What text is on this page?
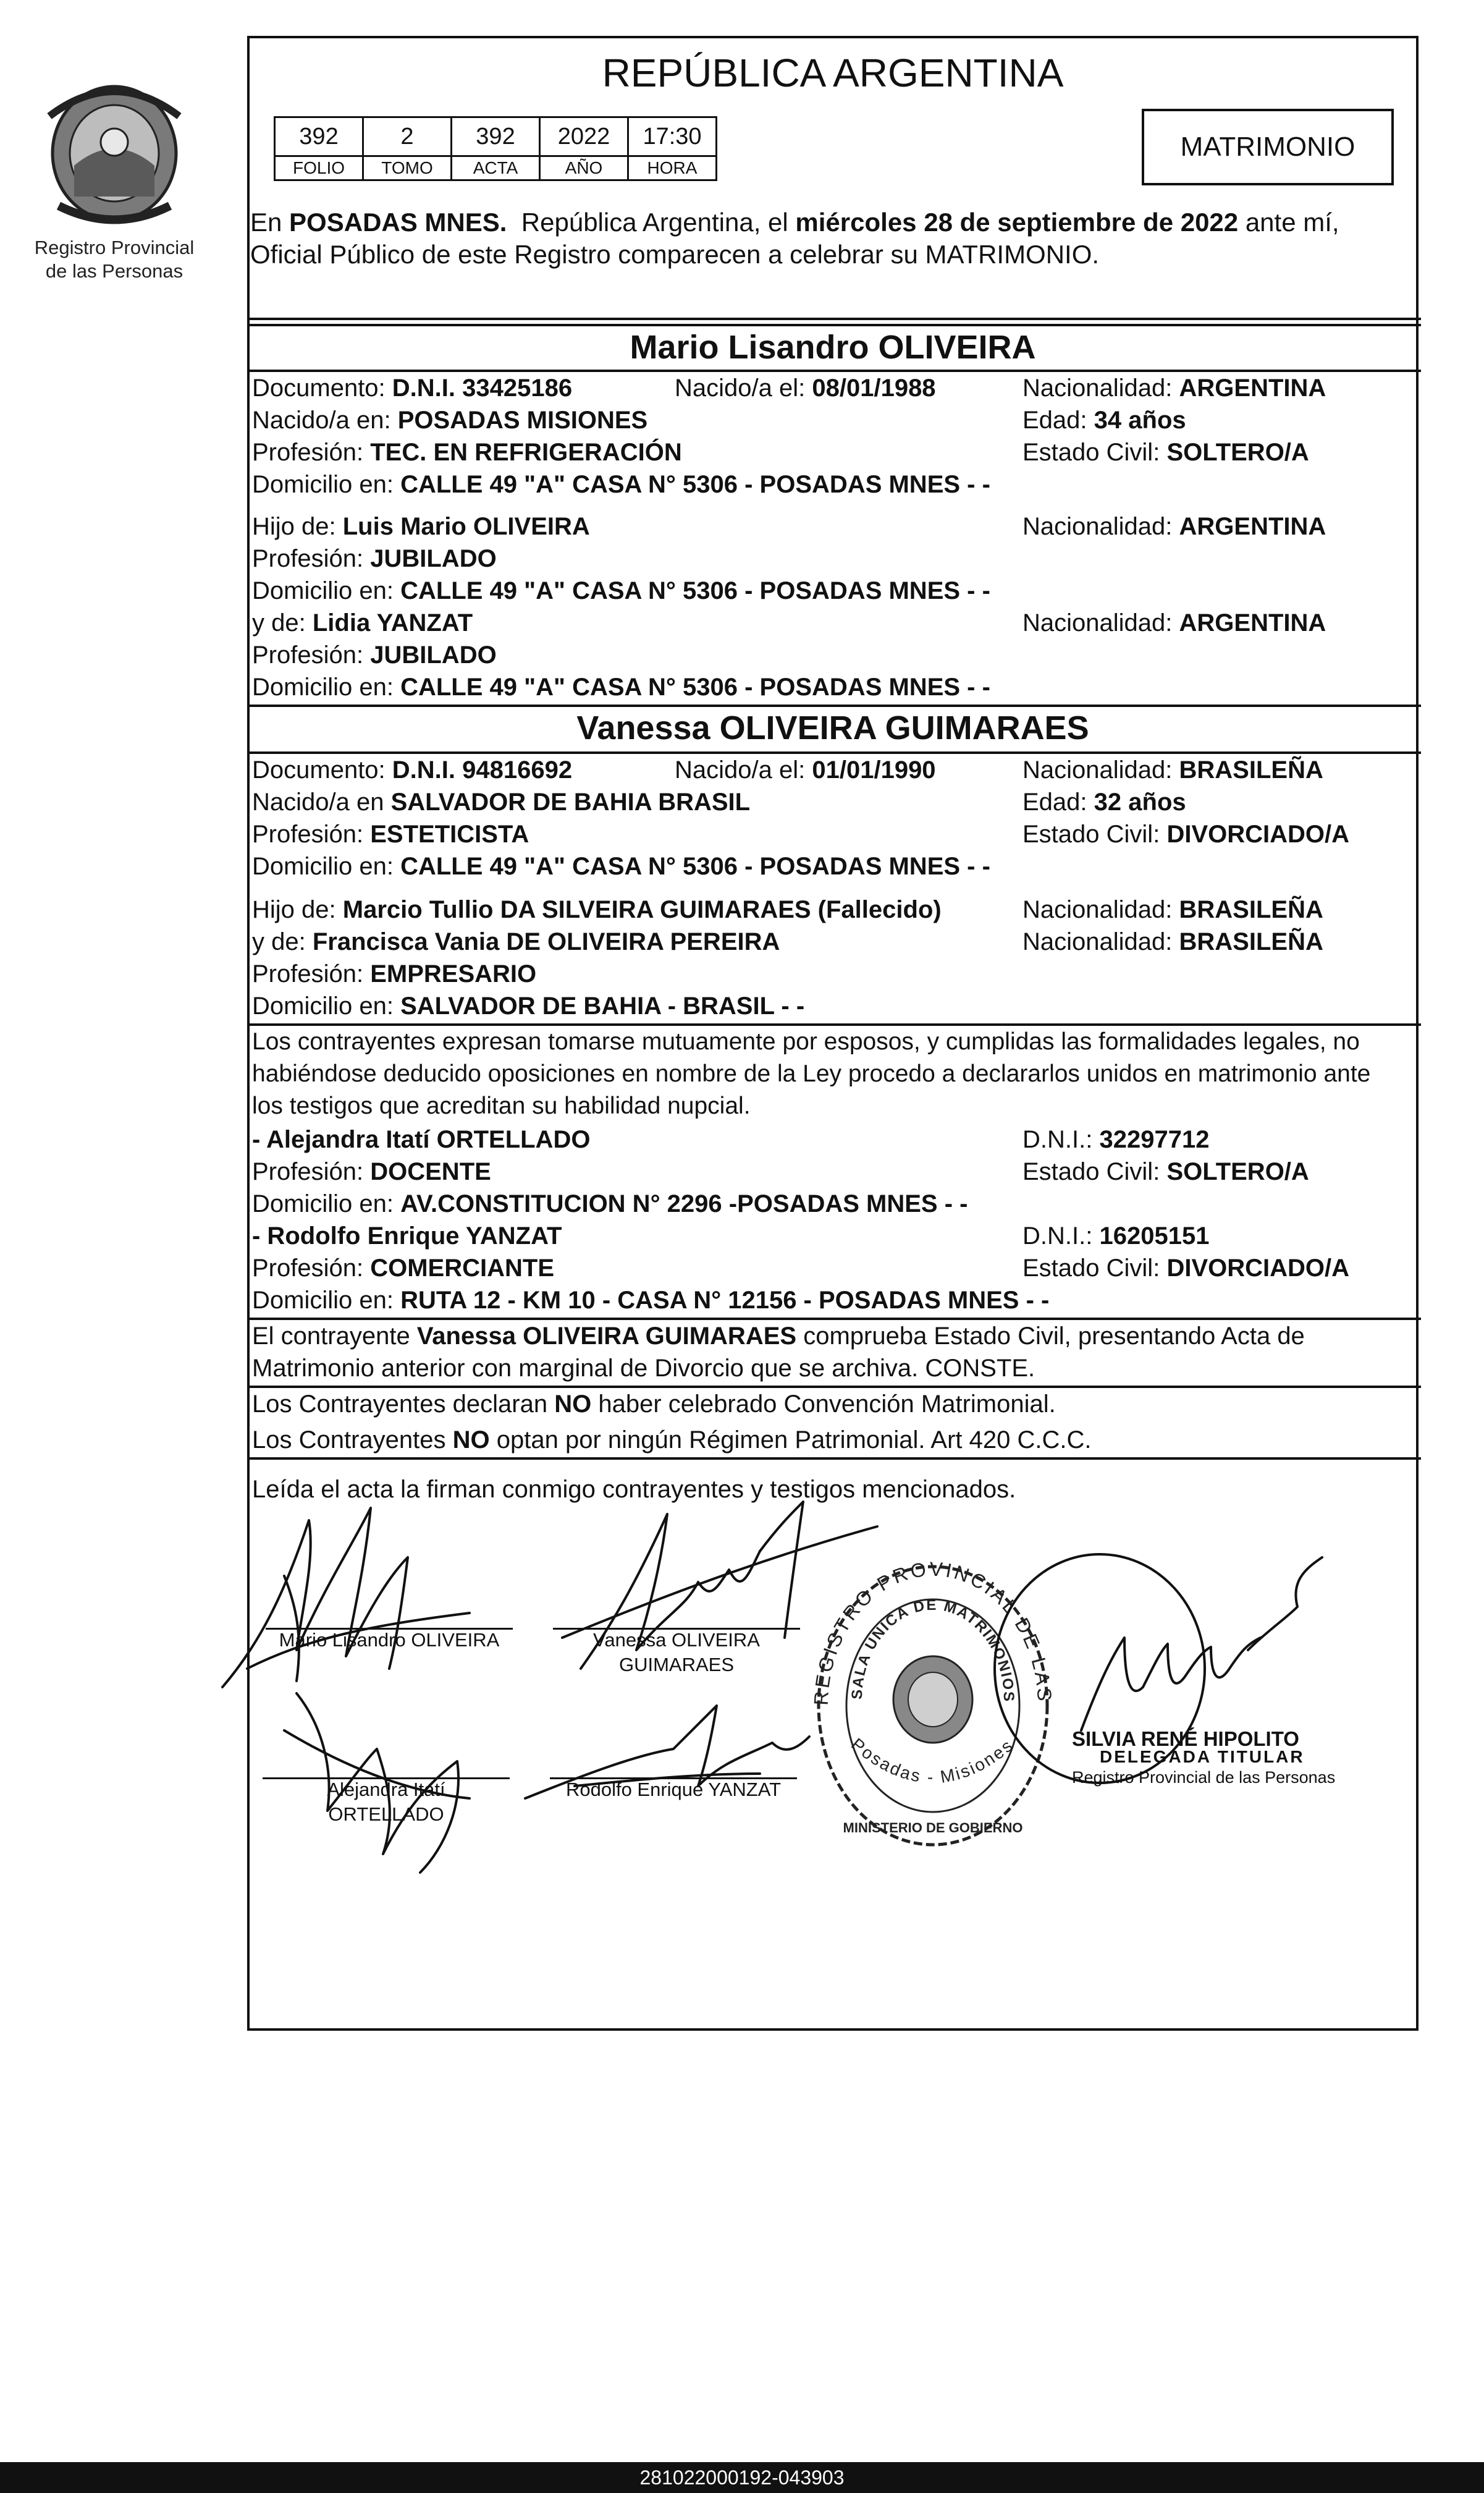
Registro Provincial
de las Personas
REPÚBLICA ARGENTINA
392	2	392	2022	17:30
FOLIO	TOMO	ACTA	AÑO	HORA
MATRIMONIO
En POSADAS MNES. República Argentina, el miércoles 28 de septiembre de 2022 ante mí,
Oficial Público de este Registro comparecen a celebrar su MATRIMONIO.
Mario Lisandro OLIVEIRA
Documento: D.N.I. 33425186	Nacido/a el: 08/01/1988	Nacionalidad: ARGENTINA
Nacido/a en: POSADAS MISIONES	Edad: 34 años
Profesión: TEC. EN REFRIGERACIÓN	Estado Civil: SOLTERO/A
Domicilio en: CALLE 49 "A" CASA N° 5306 - POSADAS MNES - -
Hijo de: Luis Mario OLIVEIRA	Nacionalidad: ARGENTINA
Profesión: JUBILADO
Domicilio en: CALLE 49 "A" CASA N° 5306 - POSADAS MNES - -
y de: Lidia YANZAT	Nacionalidad: ARGENTINA
Profesión: JUBILADO
Domicilio en: CALLE 49 "A" CASA N° 5306 - POSADAS MNES - -
Vanessa OLIVEIRA GUIMARAES
Documento: D.N.I. 94816692	Nacido/a el: 01/01/1990	Nacionalidad: BRASILEÑA
Nacido/a en SALVADOR DE BAHIA BRASIL	Edad: 32 años
Profesión: ESTETICISTA	Estado Civil: DIVORCIADO/A
Domicilio en: CALLE 49 "A" CASA N° 5306 - POSADAS MNES - -
Hijo de: Marcio Tullio DA SILVEIRA GUIMARAES (Fallecido)	Nacionalidad: BRASILEÑA
y de: Francisca Vania DE OLIVEIRA PEREIRA	Nacionalidad: BRASILEÑA
Profesión: EMPRESARIO
Domicilio en: SALVADOR DE BAHIA - BRASIL - -
Los contrayentes expresan tomarse mutuamente por esposos, y cumplidas las formalidades legales, no
habiéndose deducido oposiciones en nombre de la Ley procedo a declararlos unidos en matrimonio ante
los testigos que acreditan su habilidad nupcial.
- Alejandra Itatí ORTELLADO	D.N.I.: 32297712
Profesión: DOCENTE	Estado Civil: SOLTERO/A
Domicilio en: AV.CONSTITUCION N° 2296 -POSADAS MNES - -
- Rodolfo Enrique YANZAT	D.N.I.: 16205151
Profesión: COMERCIANTE	Estado Civil: DIVORCIADO/A
Domicilio en: RUTA 12 - KM 10 - CASA N° 12156 - POSADAS MNES - -
El contrayente Vanessa OLIVEIRA GUIMARAES comprueba Estado Civil, presentando Acta de
Matrimonio anterior con marginal de Divorcio que se archiva. CONSTE.
Los Contrayentes declaran NO haber celebrado Convención Matrimonial.
Los Contrayentes NO optan por ningún Régimen Patrimonial. Art 420 C.C.C.
Leída el acta la firman conmigo contrayentes y testigos mencionados.
Mario Lisandro OLIVEIRA	Vanessa OLIVEIRA
GUIMARAES
Alejandra Itatí
ORTELLADO
Rodolfo Enrique YANZAT
REGISTRO PROVINCIAL DE LAS
SALA UNICA DE MATRIMONIOS
Posadas - Misiones
MINISTERIO DE GOBIERNO
SILVIA RENÉ HIPOLITO
DELEGADA TITULAR
Registro Provincial de las Personas
281022000192-043903
